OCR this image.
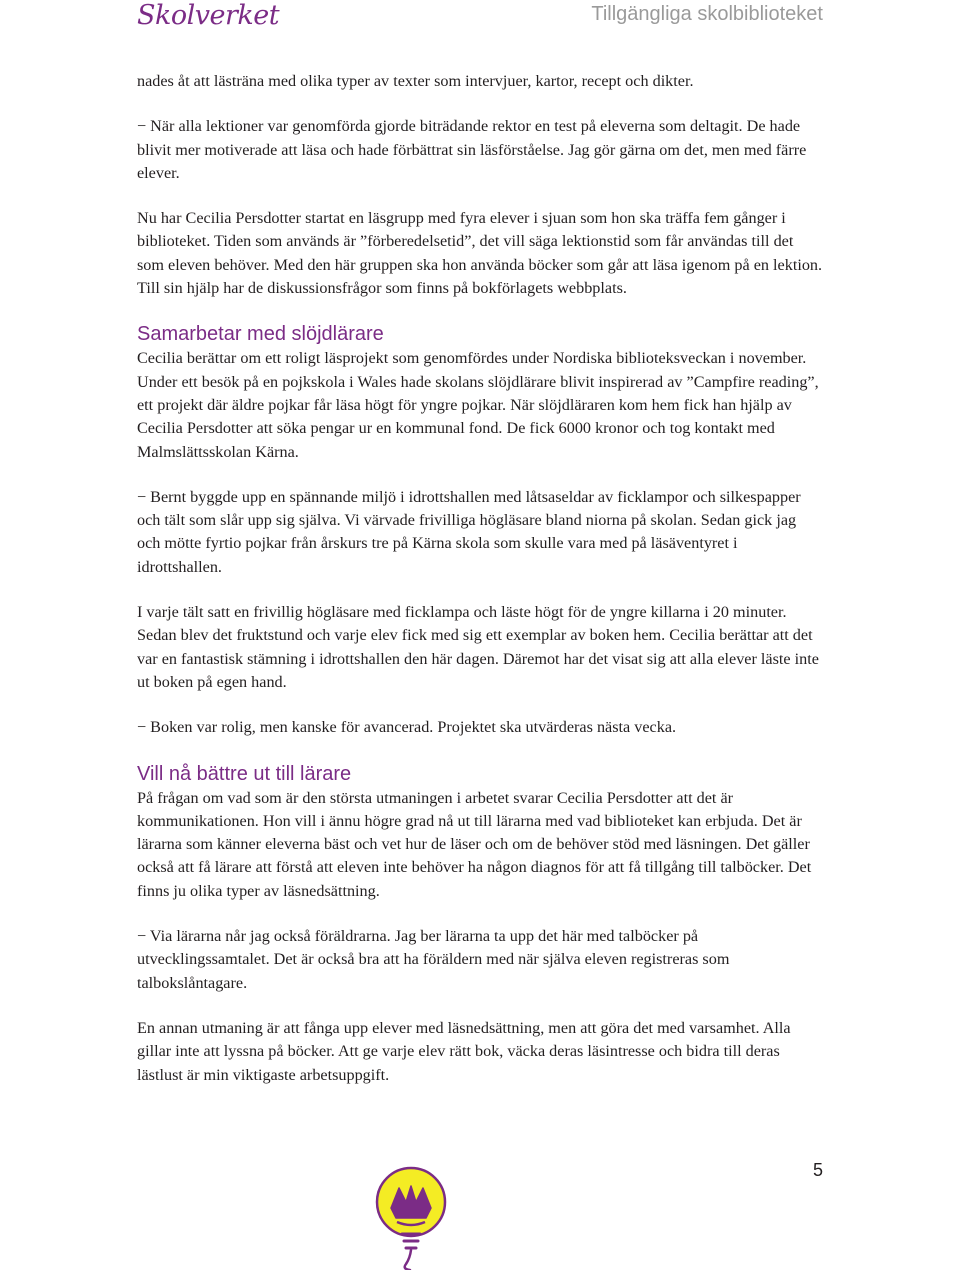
Skolverket	Tillgängliga skolbiblioteket

nades åt att lästräna med olika typer av texter som intervjuer, kartor, recept och dikter.

− När alla lektioner var genomförda gjorde biträdande rektor en test på eleverna som deltagit. De hade blivit mer motiverade att läsa och hade förbättrat sin läsförståelse. Jag gör gärna om det, men med färre elever.

Nu har Cecilia Persdotter startat en läsgrupp med fyra elever i sjuan som hon ska träffa fem gånger i biblioteket. Tiden som används är ”förberedelsetid”, det vill säga lektionstid som får användas till det som eleven behöver. Med den här gruppen ska hon använda böcker som går att läsa igenom på en lektion. Till sin hjälp har de diskussionsfrågor som finns på bokförlagets webbplats.

Samarbetar med slöjdlärare

Cecilia berättar om ett roligt läsprojekt som genomfördes under Nordiska biblioteksveckan i november. Under ett besök på en pojkskola i Wales hade skolans slöjdlärare blivit inspirerad av ”Campfire reading”, ett projekt där äldre pojkar får läsa högt för yngre pojkar. När slöjdläraren kom hem fick han hjälp av Cecilia Persdotter att söka pengar ur en kommunal fond. De fick 6000 kronor och tog kontakt med Malmslättsskolan Kärna.

− Bernt byggde upp en spännande miljö i idrottshallen med låtsaseldar av ficklampor och silkespapper och tält som slår upp sig själva. Vi värvade frivilliga högläsare bland niorna på skolan. Sedan gick jag och mötte fyrtio pojkar från årskurs tre på Kärna skola som skulle vara med på läsäventyret i idrottshallen.

I varje tält satt en frivillig högläsare med ficklampa och läste högt för de yngre killarna i 20 minuter. Sedan blev det fruktstund och varje elev fick med sig ett exemplar av boken hem. Cecilia berättar att det var en fantastisk stämning i idrottshallen den här dagen. Däremot har det visat sig att alla elever läste inte ut boken på egen hand.

− Boken var rolig, men kanske för avancerad. Projektet ska utvärderas nästa vecka.

Vill nå bättre ut till lärare

På frågan om vad som är den största utmaningen i arbetet svarar Cecilia Persdotter att det är kommunikationen. Hon vill i ännu högre grad nå ut till lärarna med vad biblioteket kan erbjuda. Det är lärarna som känner eleverna bäst och vet hur de läser och om de behöver stöd med läsningen. Det gäller också att få lärare att förstå att eleven inte behöver ha någon diagnos för att få tillgång till talböcker. Det finns ju olika typer av läsnedsättning.

− Via lärarna når jag också föräldrarna. Jag ber lärarna ta upp det här med talböcker på utvecklingssamtalet. Det är också bra att ha föräldern med när själva eleven registreras som talbokslåntagare.

En annan utmaning är att fånga upp elever med läsnedsättning, men att göra det med varsamhet. Alla gillar inte att lyssna på böcker. Att ge varje elev rätt bok, väcka deras läsintresse och bidra till deras lästlust är min viktigaste arbetsuppgift.

5
